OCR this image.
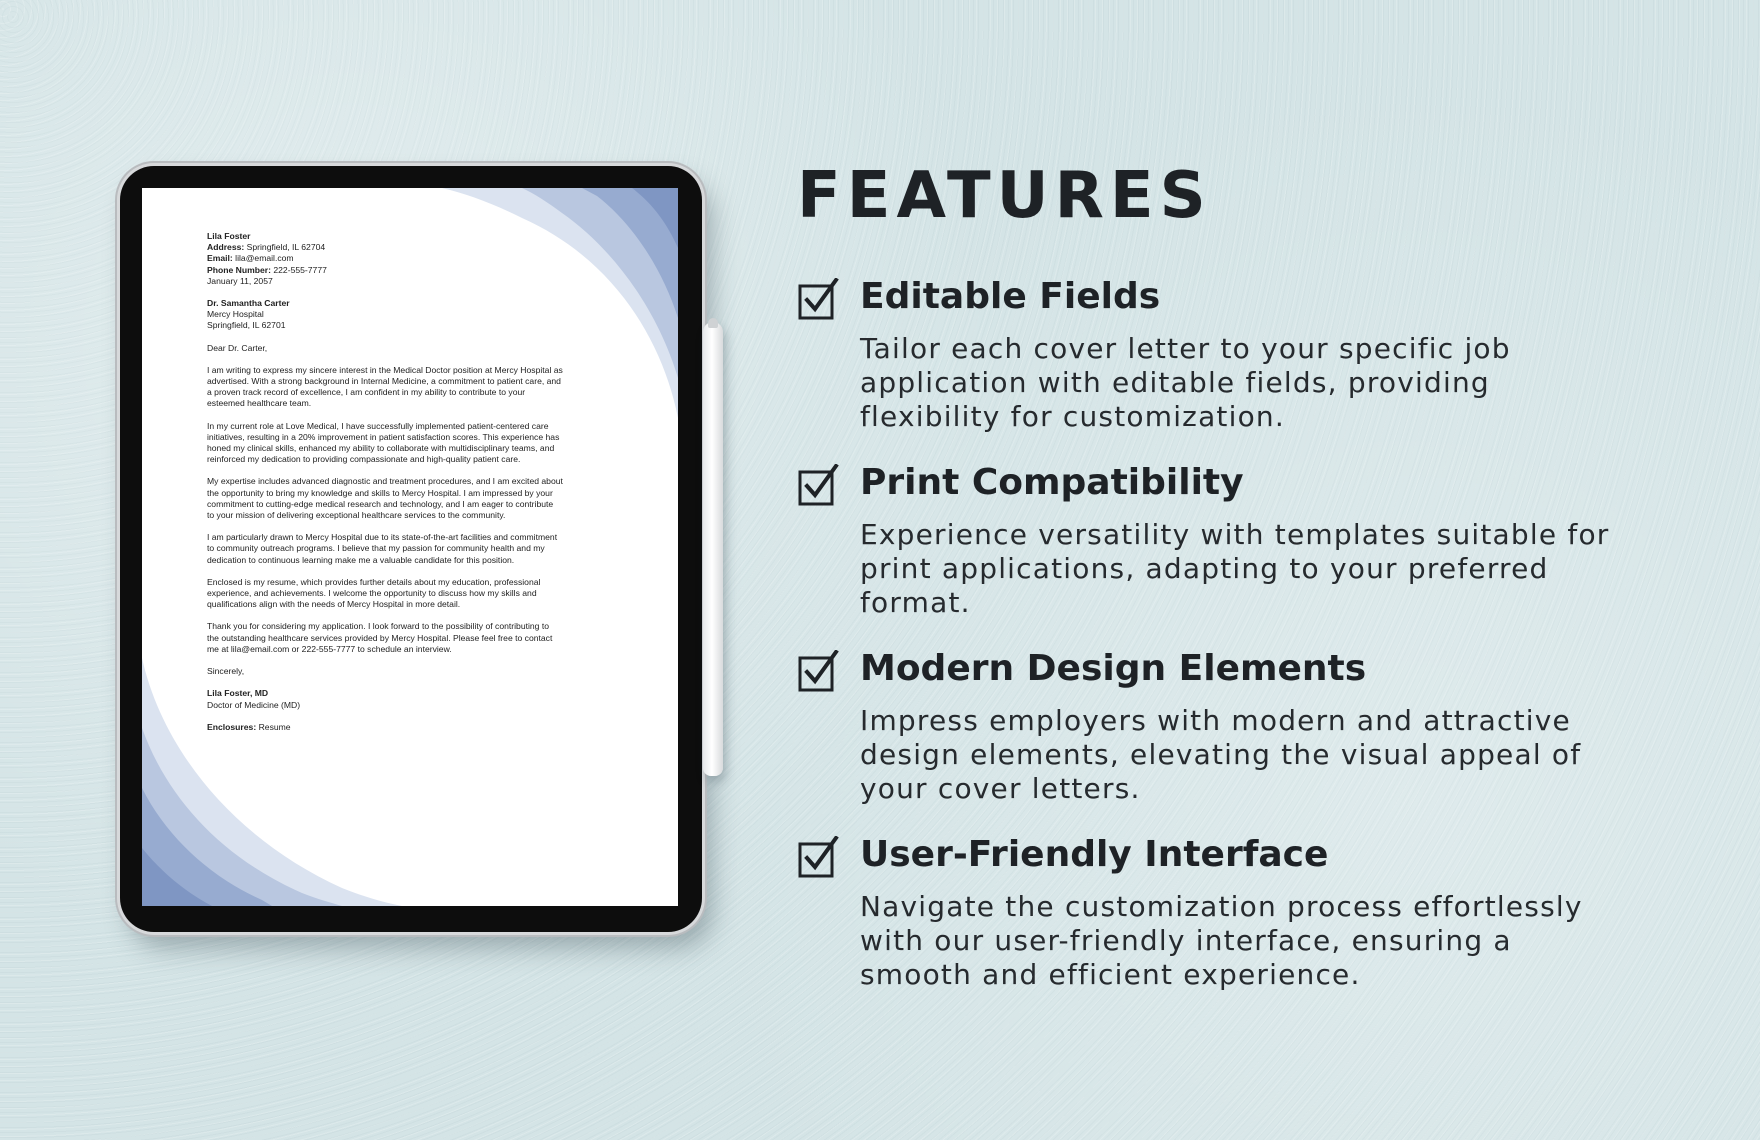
Lila Foster
Address: Springfield, IL 62704
Email: lila@email.com
Phone Number: 222-555-7777
January 11, 2057

Dr. Samantha Carter
Mercy Hospital
Springfield, IL 62701

Dear Dr. Carter,

I am writing to express my sincere interest in the Medical Doctor position at Mercy Hospital as
advertised. With a strong background in Internal Medicine, a commitment to patient care, and
a proven track record of excellence, I am confident in my ability to contribute to your
esteemed healthcare team.

In my current role at Love Medical, I have successfully implemented patient-centered care
initiatives, resulting in a 20% improvement in patient satisfaction scores. This experience has
honed my clinical skills, enhanced my ability to collaborate with multidisciplinary teams, and
reinforced my dedication to providing compassionate and high-quality patient care.

My expertise includes advanced diagnostic and treatment procedures, and I am excited about
the opportunity to bring my knowledge and skills to Mercy Hospital. I am impressed by your
commitment to cutting-edge medical research and technology, and I am eager to contribute
to your mission of delivering exceptional healthcare services to the community.

I am particularly drawn to Mercy Hospital due to its state-of-the-art facilities and commitment
to community outreach programs. I believe that my passion for community health and my
dedication to continuous learning make me a valuable candidate for this position.

Enclosed is my resume, which provides further details about my education, professional
experience, and achievements. I welcome the opportunity to discuss how my skills and
qualifications align with the needs of Mercy Hospital in more detail.

Thank you for considering my application. I look forward to the possibility of contributing to
the outstanding healthcare services provided by Mercy Hospital. Please feel free to contact
me at lila@email.com or 222-555-7777 to schedule an interview.

Sincerely,

Lila Foster, MD
Doctor of Medicine (MD)

Enclosures: Resume

FEATURES
Editable Fields

Tailor each cover letter to your specific job application with editable fields, providing flexibility for customization.

Print Compatibility

Experience versatility with templates suitable for print applications, adapting to your preferred format.

Modern Design Elements

Impress employers with modern and attractive design elements, elevating the visual appeal of your cover letters.

User-Friendly Interface

Navigate the customization process effortlessly with our user-friendly interface, ensuring a smooth and efficient experience.
